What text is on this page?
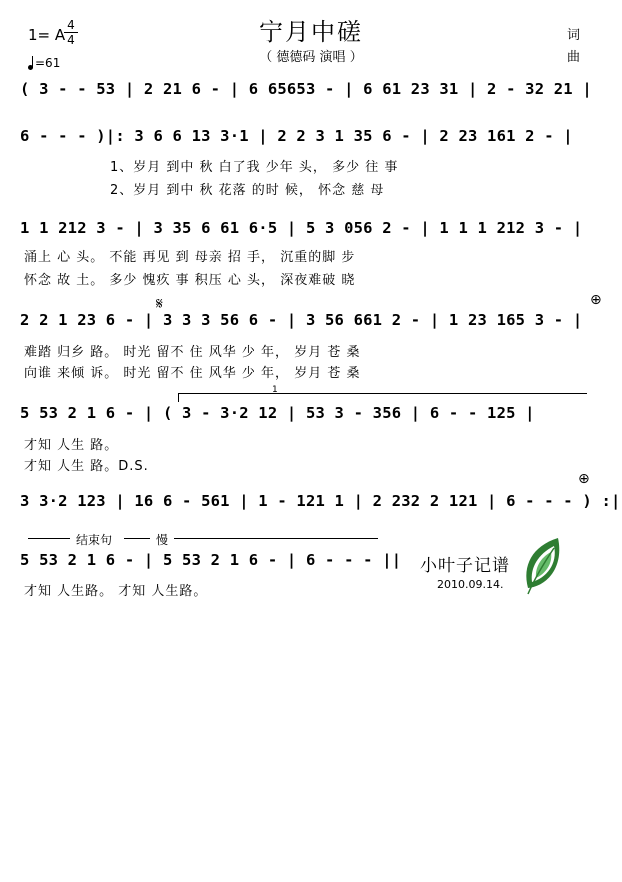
宁月中磋
（ 德德码 演唱 ）
1= A
4
4	词
曲
=61
( 3 - - 53 | 2 21 6 - | 6 65653 - | 6 61 23 31 | 2 - 32 21 |
6 - - - )|: 3 6 6 13 3·1 | 2 2 3 1 35 6 - | 2 23 161 2 - |
1、岁月 到中 秋 白了我 少年 头， 多少 往 事
2、岁月 到中 秋 花落 的时 候， 怀念 慈 母
1 1 212 3 - | 3 35 6 61 6·5 | 5 3 056 2 - | 1 1 1 212 3 - |
涌上 心 头。 不能 再见 到 母亲 招 手， 沉重的脚 步
怀念 故 土。 多少 愧疚 事 积压 心 头， 深夜难破 晓
𝄋	⊕
2 2 1 23 6 - | 3 3 3 56 6 - | 3 56 661 2 - | 1 23 165 3 - |
难踏 归乡 路。 时光 留不 住 风华 少 年， 岁月 苍 桑
向谁 来倾 诉。 时光 留不 住 风华 少 年， 岁月 苍 桑
1
5 53 2 1 6 - | ( 3 - 3·2 12 | 53 3 - 356 | 6 - - 125 |
才知 人生 路。
才知 人生 路。D.S.
⊕
3 3·2 123 | 16 6 - 561 | 1 - 121 1 | 2 232 2 121 | 6 - - - ) :|
结束句	慢
5 53 2 1 6 - | 5 53 2 1 6 - | 6 - - - ||
才知 人生路。 才知 人生路。
小叶子记谱
2010.09.14.
